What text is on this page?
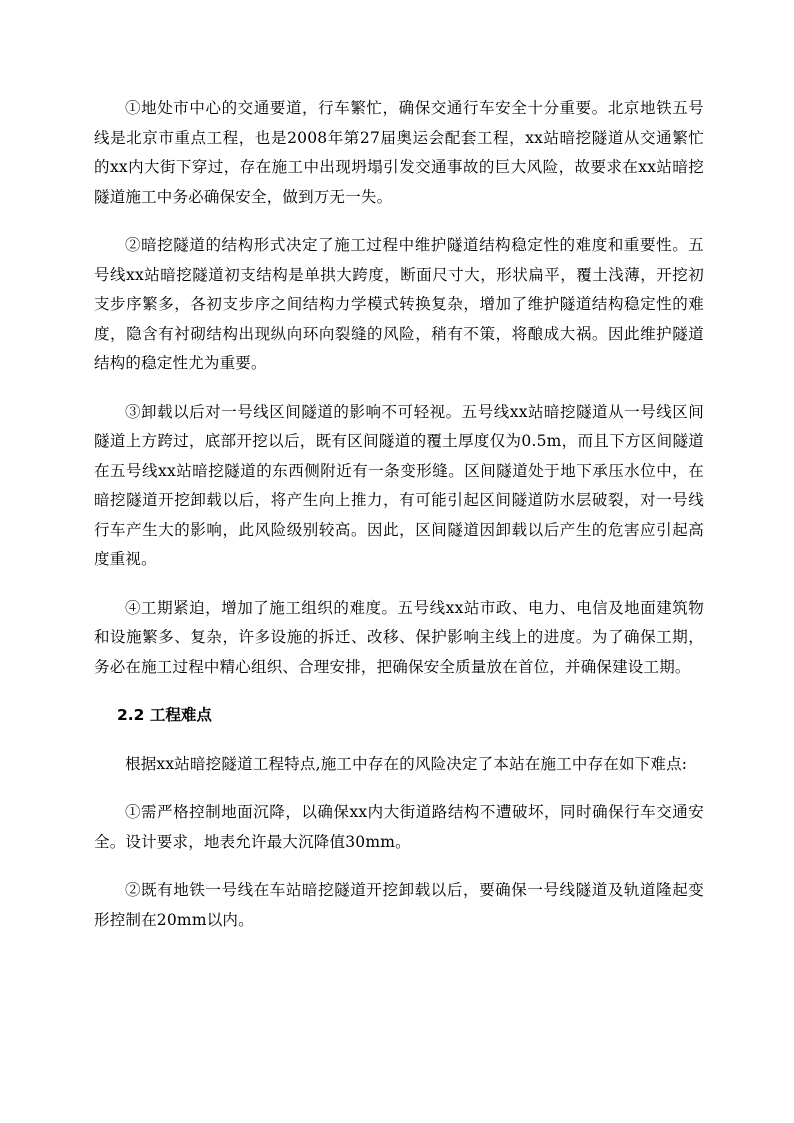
①地处市中心的交通要道，行车繁忙，确保交通行车安全十分重要。北京地铁五号线是北京市重点工程，也是2008年第27届奥运会配套工程，xx站暗挖隧道从交通繁忙的xx内大街下穿过，存在施工中出现坍塌引发交通事故的巨大风险，故要求在xx站暗挖隧道施工中务必确保安全，做到万无一失。

②暗挖隧道的结构形式决定了施工过程中维护隧道结构稳定性的难度和重要性。五号线xx站暗挖隧道初支结构是单拱大跨度，断面尺寸大，形状扁平，覆土浅薄，开挖初支步序繁多，各初支步序之间结构力学模式转换复杂，增加了维护隧道结构稳定性的难度，隐含有衬砌结构出现纵向环向裂缝的风险，稍有不策，将酿成大祸。因此维护隧道结构的稳定性尤为重要。

③卸载以后对一号线区间隧道的影响不可轻视。五号线xx站暗挖隧道从一号线区间隧道上方跨过，底部开挖以后，既有区间隧道的覆土厚度仅为0.5m，而且下方区间隧道在五号线xx站暗挖隧道的东西侧附近有一条变形缝。区间隧道处于地下承压水位中，在暗挖隧道开挖卸载以后，将产生向上推力，有可能引起区间隧道防水层破裂，对一号线行车产生大的影响，此风险级别较高。因此，区间隧道因卸载以后产生的危害应引起高度重视。

④工期紧迫，增加了施工组织的难度。五号线xx站市政、电力、电信及地面建筑物和设施繁多、复杂，许多设施的拆迁、改移、保护影响主线上的进度。为了确保工期，务必在施工过程中精心组织、合理安排，把确保安全质量放在首位，并确保建设工期。

2.2 工程难点

根据xx站暗挖隧道工程特点,施工中存在的风险决定了本站在施工中存在如下难点:

①需严格控制地面沉降，以确保xx内大街道路结构不遭破坏，同时确保行车交通安全。设计要求，地表允许最大沉降值30mm。

②既有地铁一号线在车站暗挖隧道开挖卸载以后，要确保一号线隧道及轨道隆起变形控制在20mm以内。
